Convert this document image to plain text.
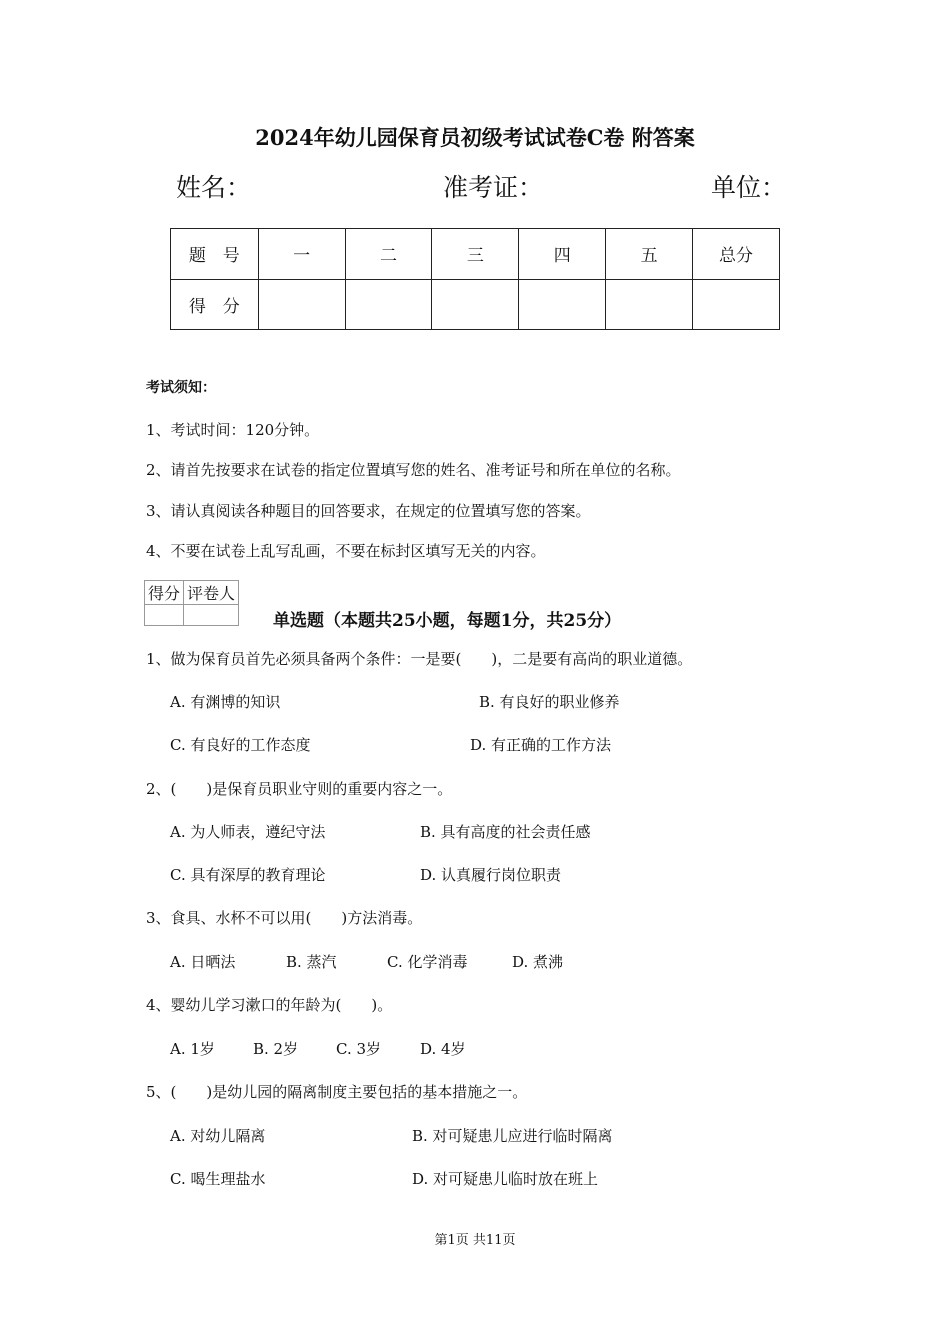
2024年幼儿园保育员初级考试试卷C卷 附答案
姓名：	准考证：	单位：
题　号	一	二	三	四	五	总分
得　分						
考试须知：
1、考试时间：120分钟。
2、请首先按要求在试卷的指定位置填写您的姓名、准考证号和所在单位的名称。
3、请认真阅读各种题目的回答要求，在规定的位置填写您的答案。
4、不要在试卷上乱写乱画，不要在标封区填写无关的内容。
得分	评卷人

单选题（本题共25小题，每题1分，共25分）
1、做为保育员首先必须具备两个条件：一是要(　　)，二是要有高尚的职业道德。
A. 有渊博的知识	B. 有良好的职业修养
C. 有良好的工作态度	D. 有正确的工作方法
2、(　　)是保育员职业守则的重要内容之一。
A. 为人师表，遵纪守法	B. 具有高度的社会责任感
C. 具有深厚的教育理论	D. 认真履行岗位职责
3、食具、水杯不可以用(　　)方法消毒。
A. 日晒法	B. 蒸汽	C. 化学消毒	D. 煮沸
4、婴幼儿学习漱口的年龄为(　　)。
A. 1岁	B. 2岁	C. 3岁	D. 4岁
5、(　　)是幼儿园的隔离制度主要包括的基本措施之一。
A. 对幼儿隔离	B. 对可疑患儿应进行临时隔离
C. 喝生理盐水	D. 对可疑患儿临时放在班上
第1页 共11页
